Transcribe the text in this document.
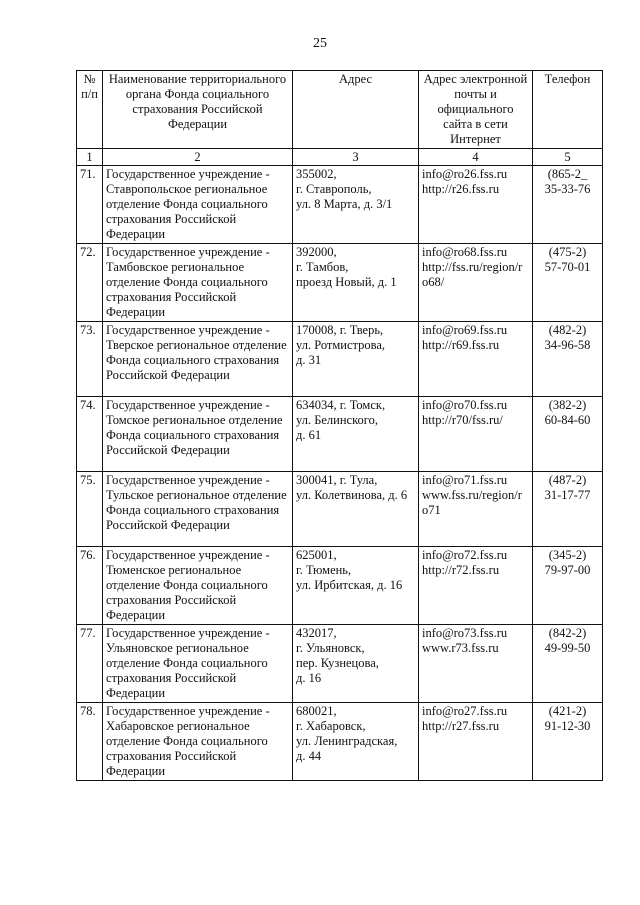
25
№
п/п	Наименование территориального органа Фонда социального страхования Российской Федерации	Адрес	Адрес электронной почты и официального сайта в сети Интернет	Телефон
1	2	3	4	5
71.	Государственное учреждение - Ставропольское региональное отделение Фонда социального страхования Российской Федерации	355002,
г. Ставрополь,
ул. 8 Марта, д. 3/1	info@ro26.fss.ru
http://r26.fss.ru	(865-2_
35-33-76
72.	Государственное учреждение - Тамбовское региональное отделение Фонда социального страхования Российской Федерации	392000,
г. Тамбов,
проезд Новый, д. 1	info@ro68.fss.ru
http://fss.ru/region/r
o68/	(475-2)
57-70-01
73.	Государственное учреждение - Тверское региональное отделение Фонда социального страхования Российской Федерации	170008, г. Тверь,
ул. Ротмистрова,
д. 31	info@ro69.fss.ru
http://r69.fss.ru	(482-2)
34-96-58
74.	Государственное учреждение - Томское региональное отделение Фонда социального страхования Российской Федерации	634034, г. Томск,
ул. Белинского,
д. 61	info@ro70.fss.ru
http://r70/fss.ru/	(382-2)
60-84-60
75.	Государственное учреждение - Тульское региональное отделение Фонда социального страхования Российской Федерации	300041, г. Тула,
ул. Колетвинова, д. 6	info@ro71.fss.ru
www.fss.ru/region/r
o71	(487-2)
31-17-77
76.	Государственное учреждение - Тюменское региональное отделение Фонда социального страхования Российской Федерации	625001,
г. Тюмень,
ул. Ирбитская, д. 16	info@ro72.fss.ru
http://r72.fss.ru	(345-2)
79-97-00
77.	Государственное учреждение - Ульяновское региональное отделение Фонда социального страхования Российской Федерации	432017,
г. Ульяновск,
пер. Кузнецова,
д. 16	info@ro73.fss.ru
www.r73.fss.ru	(842-2)
49-99-50
78.	Государственное учреждение - Хабаровское региональное отделение Фонда социального страхования Российской Федерации	680021,
г. Хабаровск,
ул. Ленинградская,
д. 44	info@ro27.fss.ru
http://r27.fss.ru	(421-2)
91-12-30
